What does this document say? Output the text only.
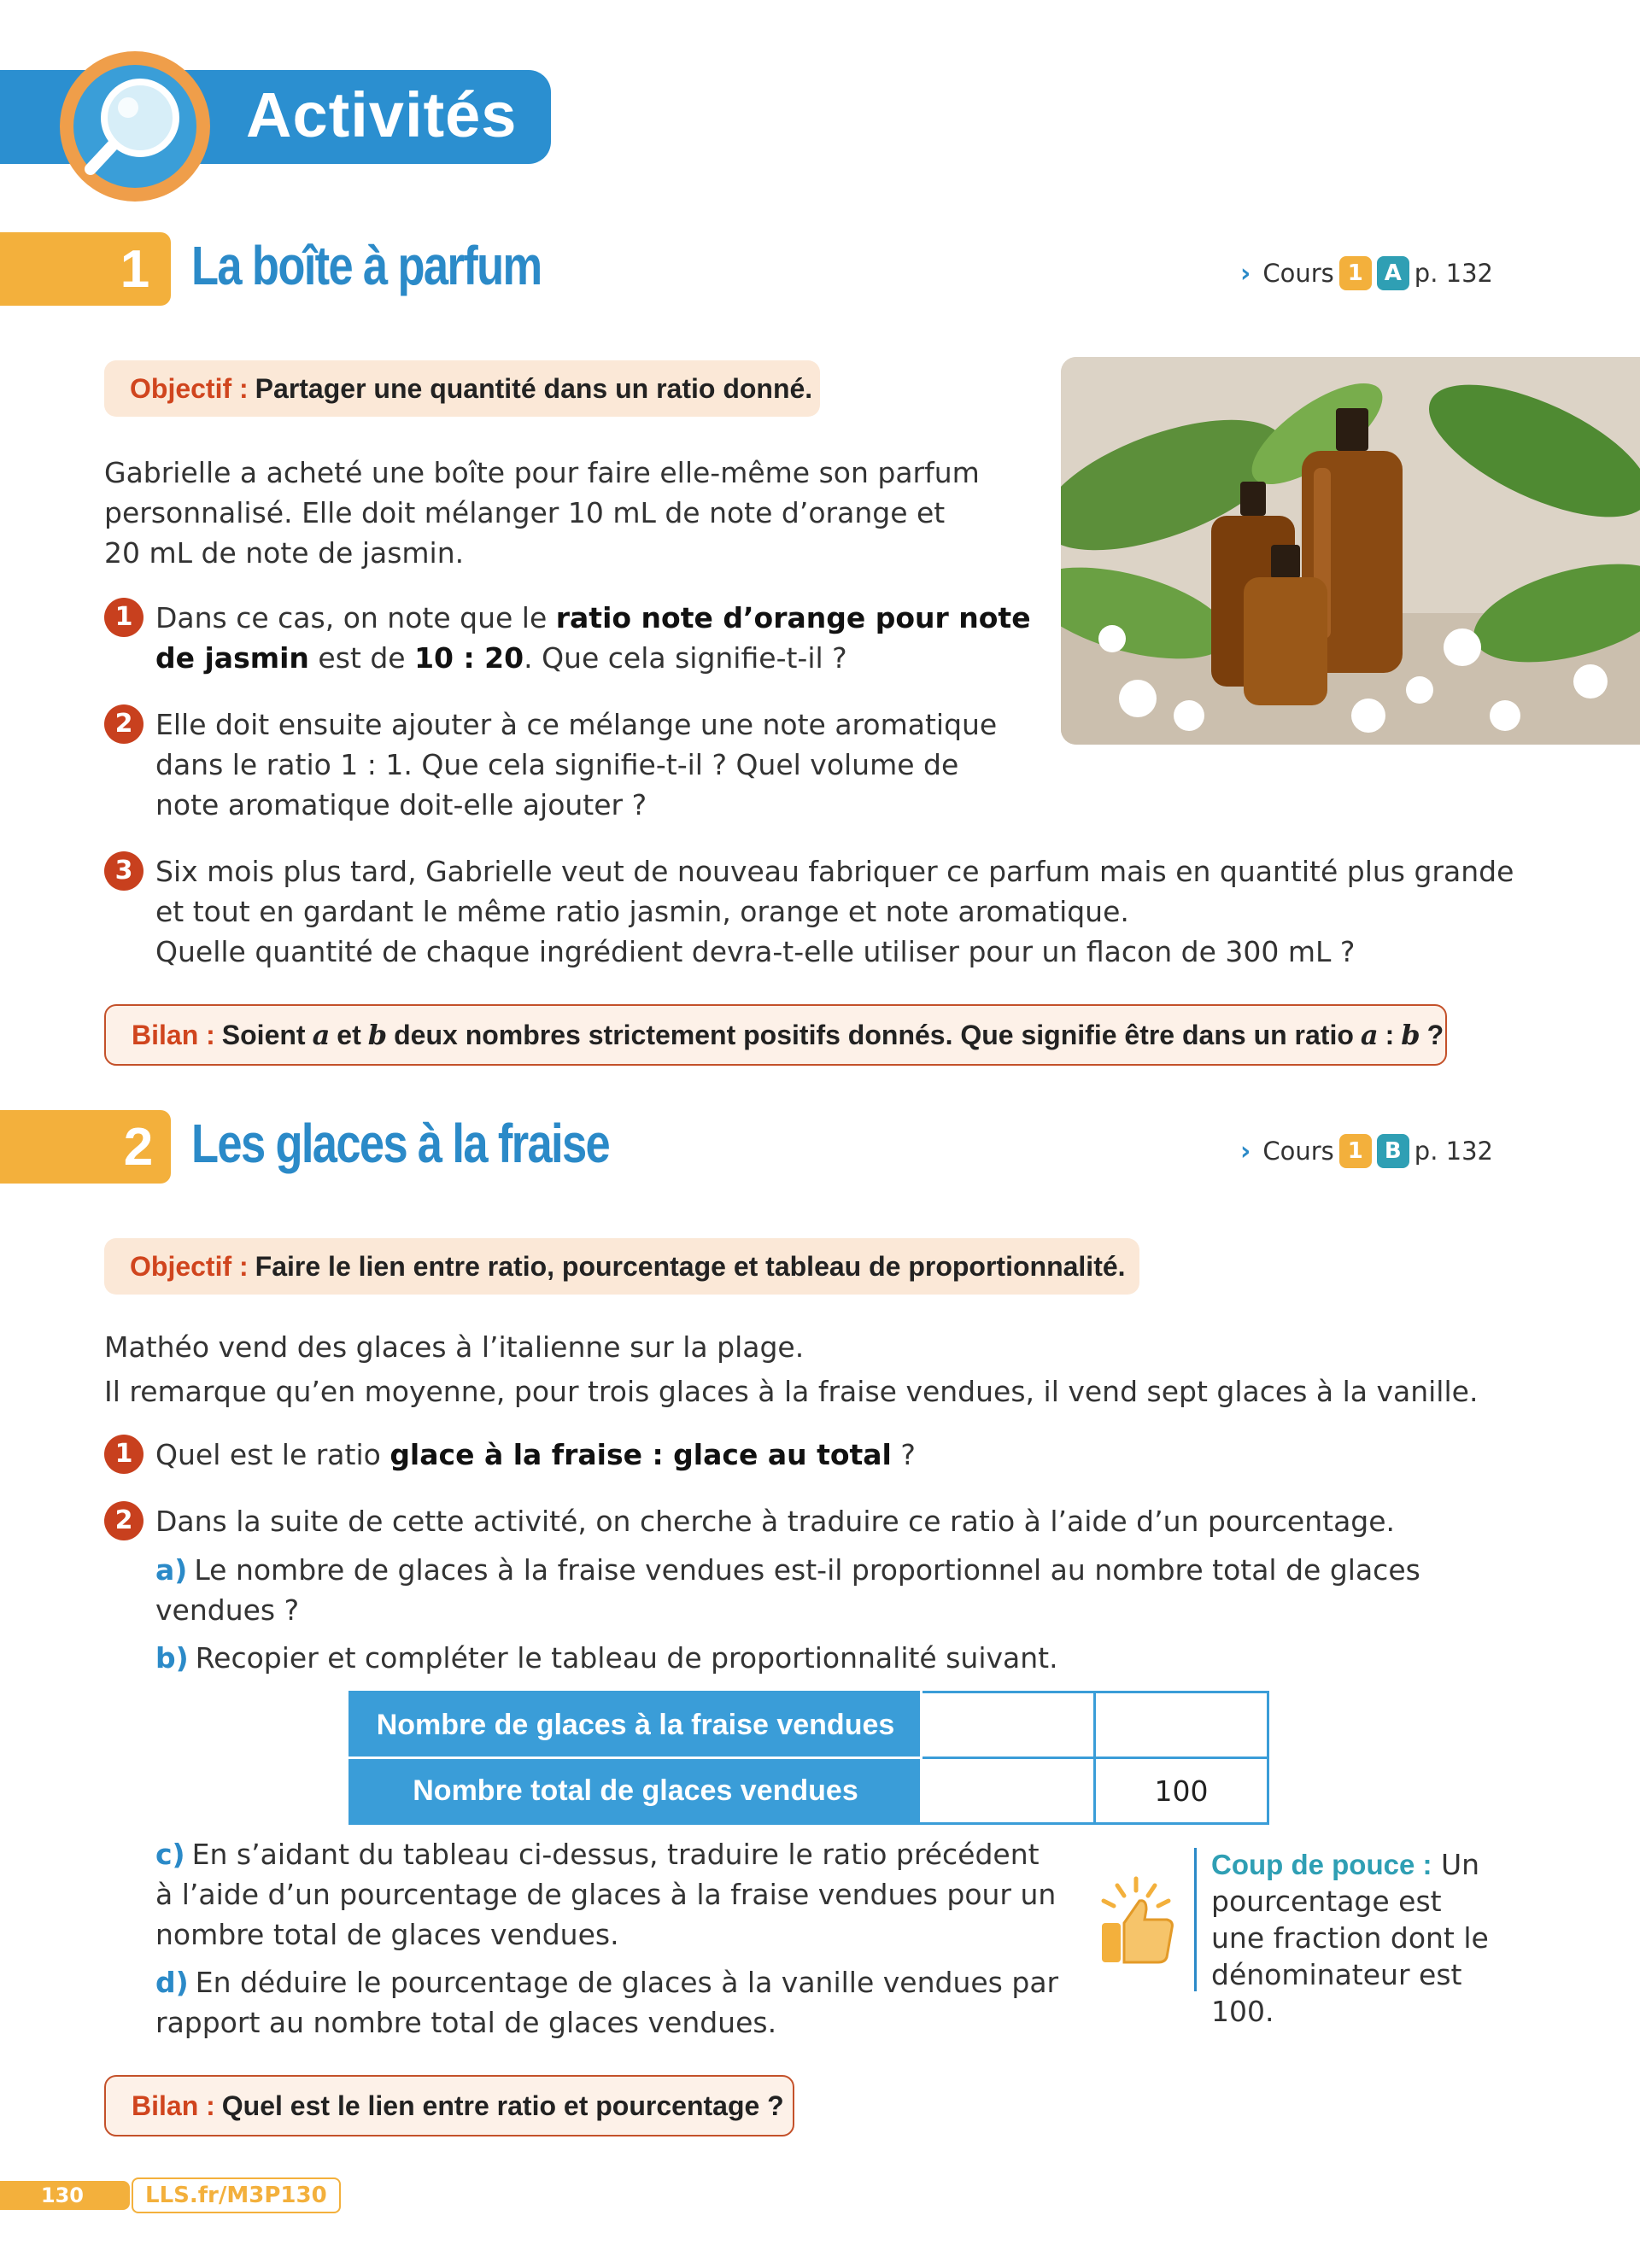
Activités
1 La boîte à parfum	› Cours 1 A p. 132
Objectif : Partager une quantité dans un ratio donné.
Gabrielle a acheté une boîte pour faire elle-même son parfum
personnalisé. Elle doit mélanger 10 mL de note d’orange et
20 mL de note de jasmin.
1 Dans ce cas, on note que le ratio note d’orange pour note
de jasmin est de 10 : 20. Que cela signifie-t-il ?
2 Elle doit ensuite ajouter à ce mélange une note aromatique
dans le ratio 1 : 1. Que cela signifie-t-il ? Quel volume de
note aromatique doit-elle ajouter ?
3 Six mois plus tard, Gabrielle veut de nouveau fabriquer ce parfum mais en quantité plus grande
et tout en gardant le même ratio jasmin, orange et note aromatique.
Quelle quantité de chaque ingrédient devra-t-elle utiliser pour un flacon de 300 mL ?
Bilan : Soient a et b deux nombres strictement positifs donnés. Que signifie être dans un ratio a : b ?
2 Les glaces à la fraise	› Cours 1 B p. 132
Objectif : Faire le lien entre ratio, pourcentage et tableau de proportionnalité.
Mathéo vend des glaces à l’italienne sur la plage.
Il remarque qu’en moyenne, pour trois glaces à la fraise vendues, il vend sept glaces à la vanille.
1 Quel est le ratio glace à la fraise : glace au total ?
2 Dans la suite de cette activité, on cherche à traduire ce ratio à l’aide d’un pourcentage.
a) Le nombre de glaces à la fraise vendues est-il proportionnel au nombre total de glaces
vendues ?
b) Recopier et compléter le tableau de proportionnalité suivant.
Nombre de glaces à la fraise vendues		
Nombre total de glaces vendues		100
c) En s’aidant du tableau ci-dessus, traduire le ratio précédent
à l’aide d’un pourcentage de glaces à la fraise vendues pour un
nombre total de glaces vendues.
d) En déduire le pourcentage de glaces à la vanille vendues par
rapport au nombre total de glaces vendues.
Coup de pouce : Un
pourcentage est
une fraction dont le
dénominateur est 100.
Bilan : Quel est le lien entre ratio et pourcentage ?
130	LLS.fr/M3P130
